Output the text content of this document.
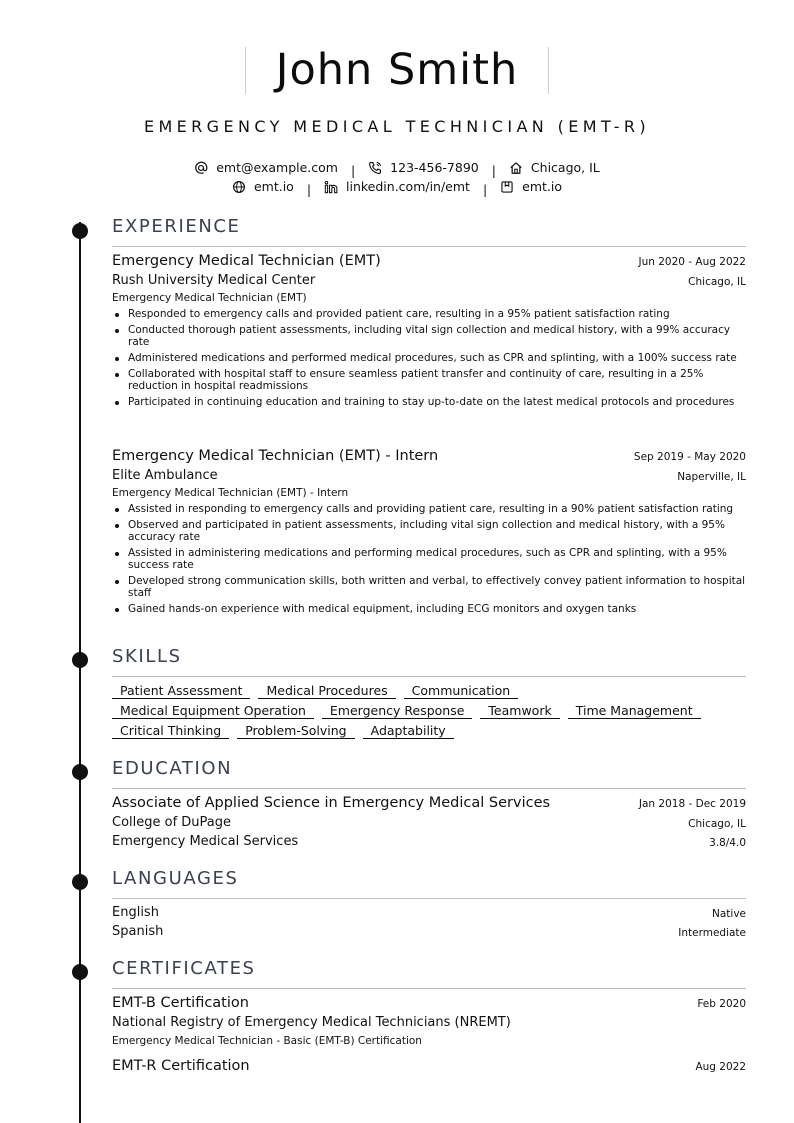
John Smith
EMERGENCY MEDICAL TECHNICIAN (EMT-R)
emt@example.com |	123-456-7890 |	Chicago, IL
emt.io |	linkedin.com/in/emt |	emt.io
EXPERIENCE
Emergency Medical Technician (EMT)	Jun 2020 - Aug 2022
Rush University Medical Center	Chicago, IL
Emergency Medical Technician (EMT)
Responded to emergency calls and provided patient care, resulting in a 95% patient satisfaction rating
Conducted thorough patient assessments, including vital sign collection and medical history, with a 99% accuracy rate
Administered medications and performed medical procedures, such as CPR and splinting, with a 100% success rate
Collaborated with hospital staff to ensure seamless patient transfer and continuity of care, resulting in a 25% reduction in hospital readmissions
Participated in continuing education and training to stay up-to-date on the latest medical protocols and procedures
Emergency Medical Technician (EMT) - Intern	Sep 2019 - May 2020
Elite Ambulance	Naperville, IL
Emergency Medical Technician (EMT) - Intern
Assisted in responding to emergency calls and providing patient care, resulting in a 90% patient satisfaction rating
Observed and participated in patient assessments, including vital sign collection and medical history, with a 95% accuracy rate
Assisted in administering medications and performing medical procedures, such as CPR and splinting, with a 95% success rate
Developed strong communication skills, both written and verbal, to effectively convey patient information to hospital staff
Gained hands-on experience with medical equipment, including ECG monitors and oxygen tanks
SKILLS
Patient Assessment	Medical Procedures	Communication
Medical Equipment Operation	Emergency Response	Teamwork	Time Management
Critical Thinking	Problem-Solving	Adaptability
EDUCATION
Associate of Applied Science in Emergency Medical Services	Jan 2018 - Dec 2019
College of DuPage	Chicago, IL
Emergency Medical Services	3.8/4.0
LANGUAGES
English	Native
Spanish	Intermediate
CERTIFICATES
EMT-B Certification	Feb 2020
National Registry of Emergency Medical Technicians (NREMT)
Emergency Medical Technician - Basic (EMT-B) Certification
EMT-R Certification	Aug 2022
